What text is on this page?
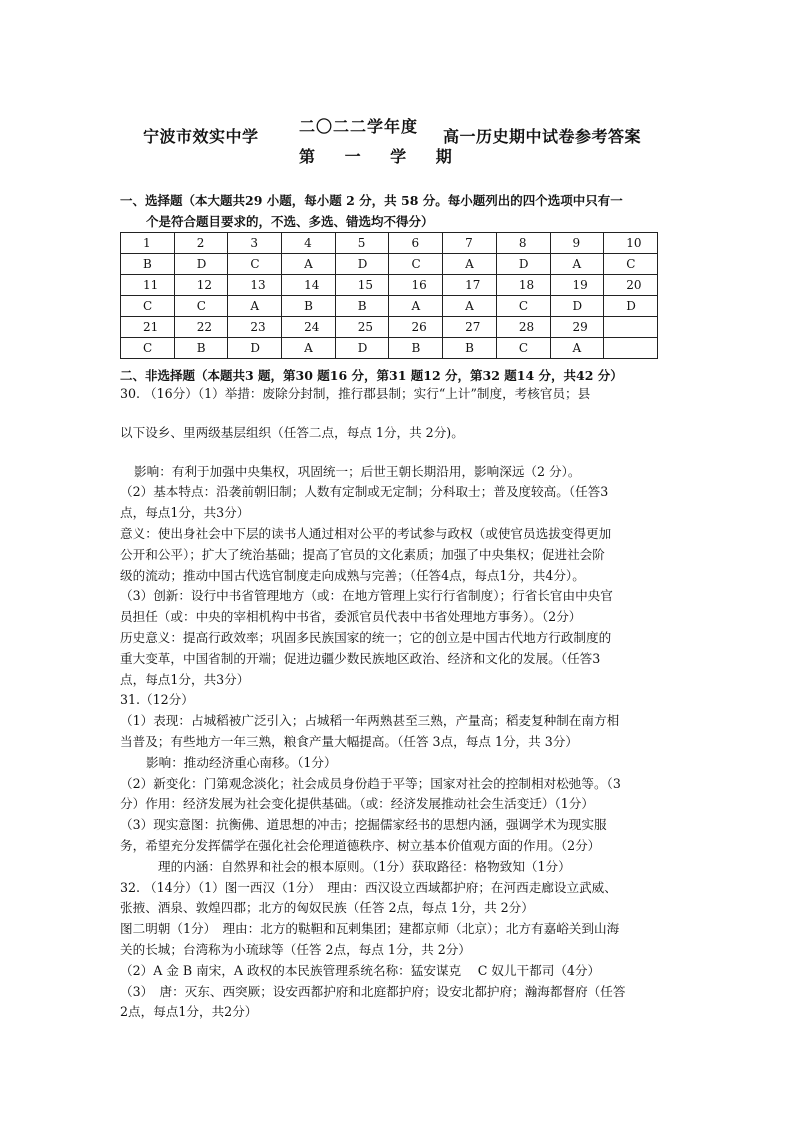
宁波市效实中学
二〇二二学年度
第 一 学 期
高一历史期中试卷参考答案
一、选择题（本大题共29 小题，每小题 2 分，共 58 分。每小题列出的四个选项中只有一
个是符合题目要求的，不选、多选、错选均不得分）
1	2	3	4	5	6	7	8	9	10
B	D	C	A	D	C	A	D	A	C
11	12	13	14	15	16	17	18	19	20
C	C	A	B	B	A	A	C	D	D
21	22	23	24	25	26	27	28	29	
C	B	D	A	D	B	B	C	A	
二、非选择题（本题共3 题，第30 题16 分，第31 题12 分，第32 题14 分，共42 分）

30. （16分）（1）举措：废除分封制，推行郡县制；实行“上计”制度，考核官员；县

以下设乡、里两级基层组织（任答二点，每点 1分，共 2分)。

影响：有利于加强中央集权，巩固统一；后世王朝长期沿用，影响深远（2 分）。

（2）基本特点：沿袭前朝旧制；人数有定制或无定制；分科取士；普及度较高。（任答3

点，每点1分，共3分）

意义：使出身社会中下层的读书人通过相对公平的考试参与政权（或使官员选拔变得更加

公开和公平）；扩大了统治基础；提高了官员的文化素质；加强了中央集权；促进社会阶

级的流动；推动中国古代选官制度走向成熟与完善；（任答4点，每点1分，共4分）。

（3）创新：设行中书省管理地方（或：在地方管理上实行行省制度）；行省长官由中央官

员担任（或：中央的宰相机构中书省，委派官员代表中书省处理地方事务）。（2分）

历史意义：提高行政效率；巩固多民族国家的统一；它的创立是中国古代地方行政制度的

重大变革，中国省制的开端；促进边疆少数民族地区政治、经济和文化的发展。（任答3

点，每点1分，共3分）

31.（12分）

（1）表现：占城稻被广泛引入；占城稻一年两熟甚至三熟，产量高；稻麦复种制在南方相

当普及；有些地方一年三熟，粮食产量大幅提高。（任答 3点，每点 1分，共 3分）

影响：推动经济重心南移。（1分）

（2）新变化：门第观念淡化；社会成员身份趋于平等；国家对社会的控制相对松弛等。（3

分）作用：经济发展为社会变化提供基础。（或：经济发展推动社会生活变迁）（1分）

（3）现实意图：抗衡佛、道思想的冲击；挖掘儒家经书的思想内涵，强调学术为现实服

务，希望充分发挥儒学在强化社会伦理道德秩序、树立基本价值观方面的作用。（2分）

理的内涵：自然界和社会的根本原则。（1分）获取路径：格物致知（1分）

32. （14分）（1）图一西汉（1分）　理由：西汉设立西域都护府；在河西走廊设立武威、

张掖、酒泉、敦煌四郡；北方的匈奴民族（任答 2点，每点 1分，共 2分）

图二明朝（1分）　理由：北方的鞑靼和瓦剌集团；建都京师（北京）；北方有嘉峪关到山海

关的长城；台湾称为小琉球等（任答 2点，每点 1分，共 2分）

（2）A 金 B 南宋，A 政权的本民族管理系统名称：猛安谋克　 C 奴儿干都司（4分）

（3）　唐：灭东、西突厥；设安西都护府和北庭都护府；设安北都护府；瀚海都督府（任答

2点，每点1分，共2分）
